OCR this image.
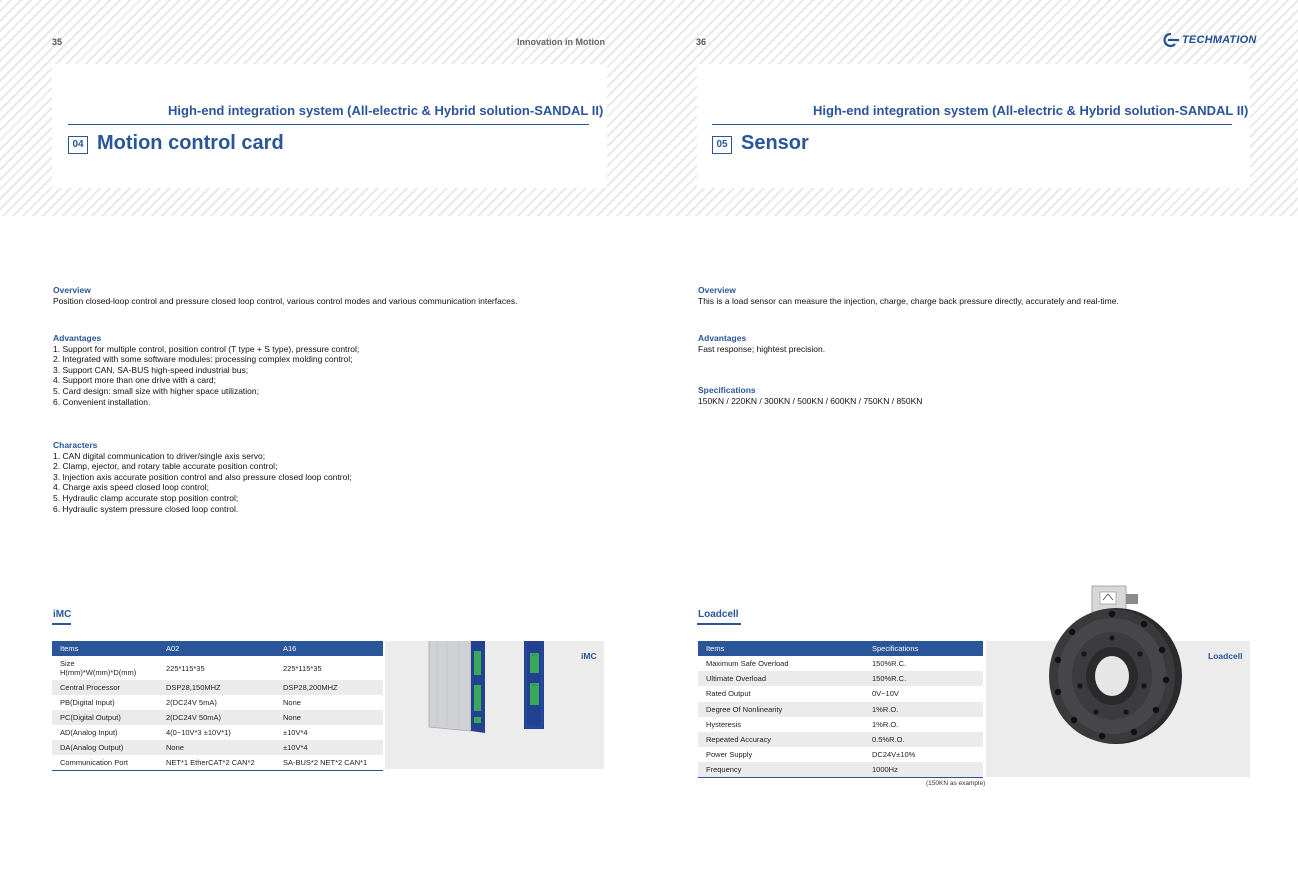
35	Innovation in Motion	36	TECHMATION
High-end integration system (All-electric & Hybrid solution-SANDAL II)
04 Motion control card
High-end integration system (All-electric & Hybrid solution-SANDAL II)
05 Sensor
Overview
Position closed-loop control and pressure closed loop control, various control modes and various communication interfaces.
Advantages
1. Support for multiple control, position control (T type + S type), pressure control;
2. Integrated with some software modules: processing complex molding control;
3. Support CAN, SA-BUS high-speed industrial bus;
4. Support more than one drive with a card;
5. Card design: small size with higher space utilization;
6. Convenient installation.
Characters
1. CAN digital communication to driver/single axis servo;
2. Clamp, ejector, and rotary table accurate position control;
3. Injection axis accurate position control and also pressure closed loop control;
4. Charge axis speed closed loop control;
5. Hydraulic clamp accurate stop position control;
6. Hydraulic system pressure closed loop control.
Overview
This is a load sensor can measure the injection, charge, charge back pressure directly, accurately and real-time.
Advantages
Fast response; hightest precision.
Specifications
150KN / 220KN / 300KN / 500KN / 600KN / 750KN / 850KN
iMC
iMC
Items	A02	A16
Size H(mm)*W(mm)*D(mm)	225*115*35	225*115*35
Central Processor	DSP28,150MHZ	DSP28,200MHZ
PB(Digital Input)	2(DC24V 5mA)	None
PC(Digital Output)	2(DC24V 50mA)	None
AD(Analog Input)	4(0~10V*3 ±10V*1)	±10V*4
DA(Analog Output)	None	±10V*4
Communication Port	NET*1 EtherCAT*2 CAN*2	SA-BUS*2 NET*2 CAN*1
Loadcell
Loadcell
Items	Specifications
Maximum Safe Overload	150%R.C.
Ultimate Overload	150%R.C.
Rated Output	0V~10V
Degree Of Nonlinearity	1%R.O.
Hysteresis	1%R.O.
Repeated Accuracy	0.5%R.O.
Power Supply	DC24V±10%
Frequency	1000Hz
(150KN as example)
